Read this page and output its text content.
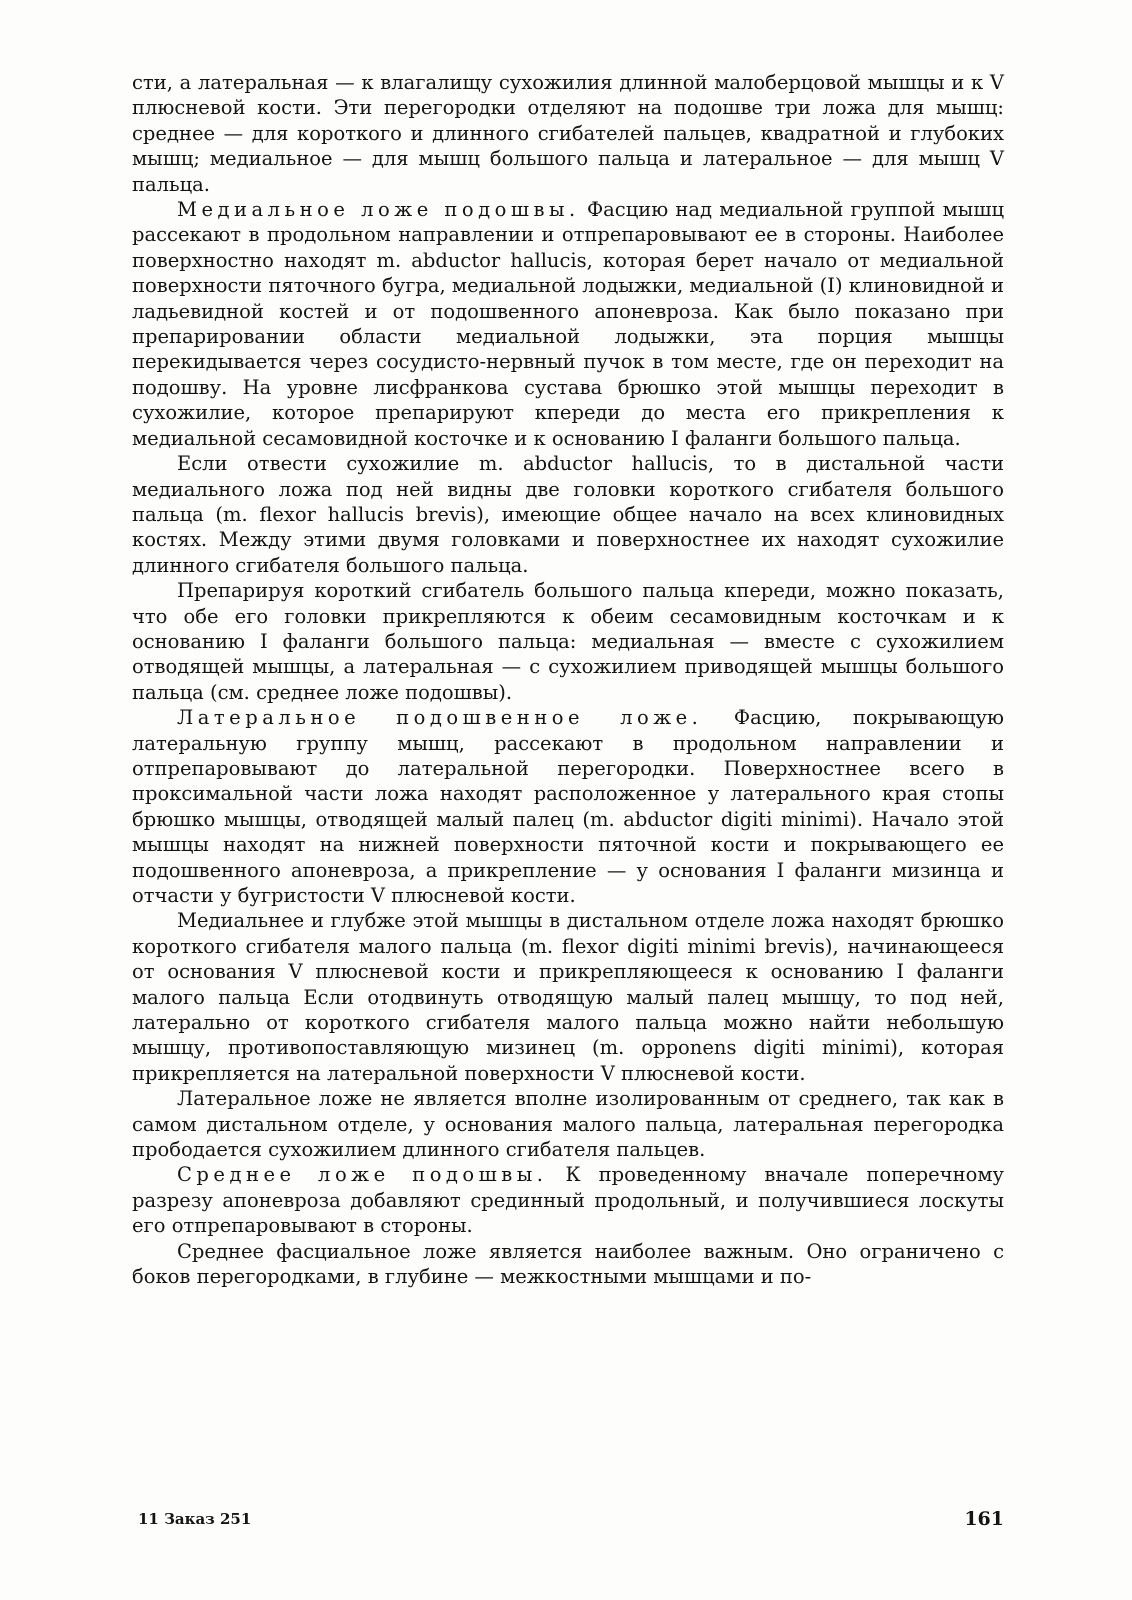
сти, а латеральная — к влагалищу сухожилия длинной малоберцовой мышцы и к V плюсневой кости. Эти перегородки отделяют на подошве три ложа для мышц: среднее — для короткого и длинного сгибателей пальцев, квадратной и глубоких мышц; медиальное — для мышц большого пальца и латеральное — для мышц V пальца.

Медиальное ложе подошвы. Фасцию над медиальной группой мышц рассекают в продольном направлении и отпрепаровывают ее в стороны. Наиболее поверхностно находят m. abductor hallucis, которая берет начало от медиальной поверхности пяточного бугра, медиальной лодыжки, медиальной (I) клиновидной и ладьевидной костей и от подошвенного апоневроза. Как было показано при препарировании области медиальной лодыжки, эта порция мышцы перекидывается через сосудисто-нервный пучок в том месте, где он переходит на подошву. На уровне лисфранкова сустава брюшко этой мышцы переходит в сухожилие, которое препарируют кпереди до места его прикрепления к медиальной сесамовидной косточке и к основанию I фаланги большого пальца.

Если отвести сухожилие m. abductor hallucis, то в дистальной части медиального ложа под ней видны две головки короткого сгибателя большого пальца (m. flexor hallucis brevis), имеющие общее начало на всех клиновидных костях. Между этими двумя головками и поверхностнее их находят сухожилие длинного сгибателя большого пальца.

Препарируя короткий сгибатель большого пальца кпереди, можно показать, что обе его головки прикрепляются к обеим сесамовидным косточкам и к основанию I фаланги большого пальца: медиальная — вместе с сухожилием отводящей мышцы, а латеральная — с сухожилием приводящей мышцы большого пальца (см. среднее ложе подошвы).

Латеральное подошвенное ложе. Фасцию, покрывающую латеральную группу мышц, рассекают в продольном направлении и отпрепаровывают до латеральной перегородки. Поверхностнее всего в проксимальной части ложа находят расположенное у латерального края стопы брюшко мышцы, отводящей малый палец (m. abductor digiti minimi). Начало этой мышцы находят на нижней поверхности пяточной кости и покрывающего ее подошвенного апоневроза, а прикрепление — у основания I фаланги мизинца и отчасти у бугристости V плюсневой кости.

Медиальнее и глубже этой мышцы в дистальном отделе ложа находят брюшко короткого сгибателя малого пальца (m. flexor digiti minimi brevis), начинающееся от основания V плюсневой кости и прикрепляющееся к основанию I фаланги малого пальца Если отодвинуть отводящую малый палец мышцу, то под ней, латерально от короткого сгибателя малого пальца можно найти небольшую мышцу, противопоставляющую мизинец (m. opponens digiti minimi), которая прикрепляется на латеральной поверхности V плюсневой кости.

Латеральное ложе не является вполне изолированным от среднего, так как в самом дистальном отделе, у основания малого пальца, латеральная перегородка прободается сухожилием длинного сгибателя пальцев.

Среднее ложе подошвы. К проведенному вначале поперечному разрезу апоневроза добавляют срединный продольный, и получившиеся лоскуты его отпрепаровывают в стороны.

Среднее фасциальное ложе является наиболее важным. Оно ограничено с боков перегородками, в глубине — межкостными мышцами и по-

11 Заказ 251	161
